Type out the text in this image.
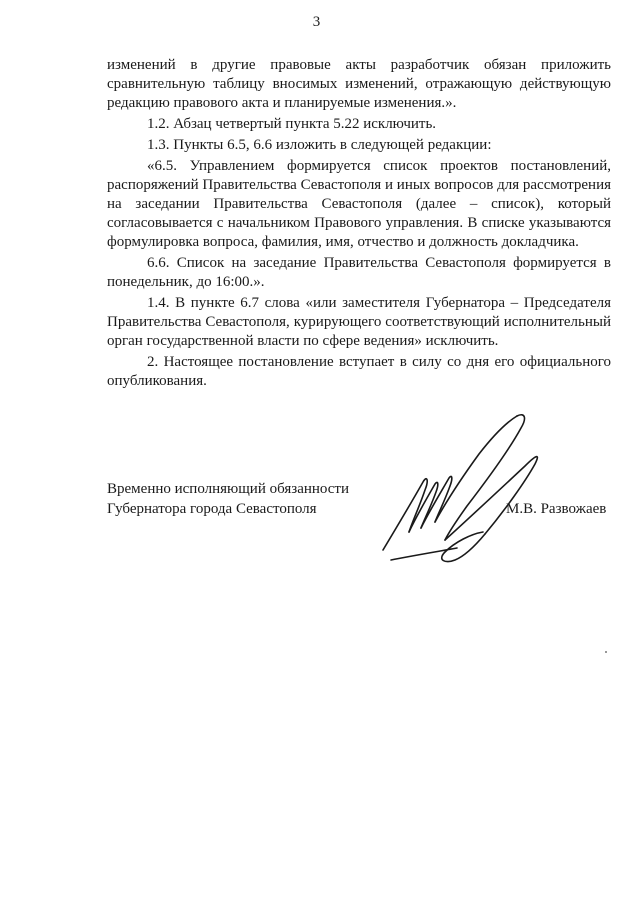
3

изменений в другие правовые акты разработчик обязан приложить сравнительную таблицу вносимых изменений, отражающую действующую редакцию правового акта и планируемые изменения.».

1.2. Абзац четвертый пункта 5.22 исключить.

1.3. Пункты 6.5, 6.6 изложить в следующей редакции:

«6.5. Управлением формируется список проектов постановлений, распоряжений Правительства Севастополя и иных вопросов для рассмотрения на заседании Правительства Севастополя (далее – список), который согласовывается с начальником Правового управления. В списке указываются формулировка вопроса, фамилия, имя, отчество и должность докладчика.

6.6. Список на заседание Правительства Севастополя формируется в понедельник, до 16:00.».

1.4. В пункте 6.7 слова «или заместителя Губернатора – Председателя Правительства Севастополя, курирующего соответствующий исполнительный орган государственной власти по сфере ведения» исключить.

2. Настоящее постановление вступает в силу со дня его официального опубликования.

Временно исполняющий обязанности
Губернатора города Севастополя	М.В. Развожаев
